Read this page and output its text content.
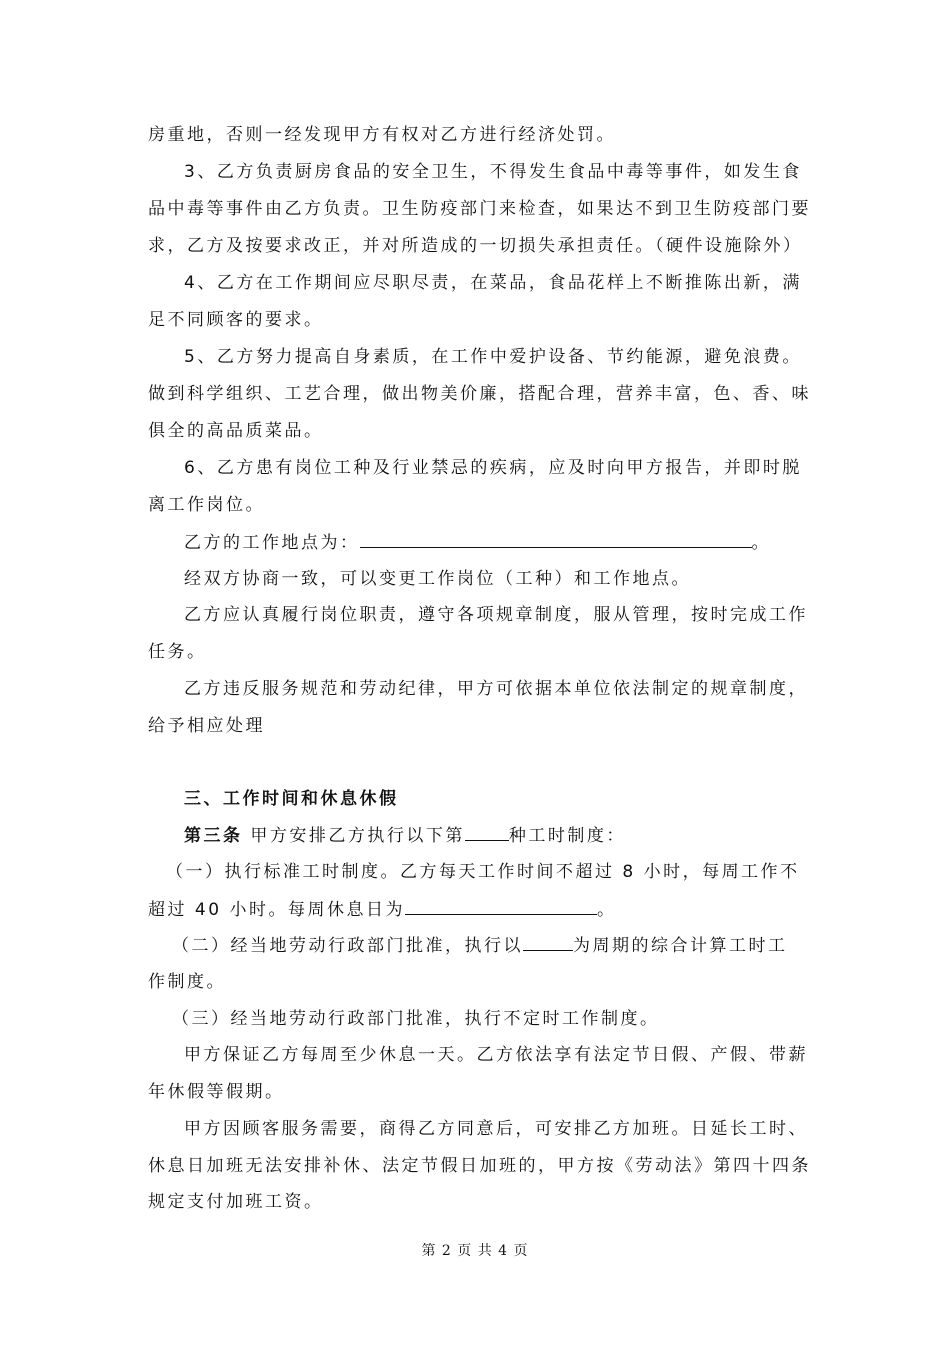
房重地，否则一经发现甲方有权对乙方进行经济处罚。
3、乙方负责厨房食品的安全卫生，不得发生食品中毒等事件，如发生食
品中毒等事件由乙方负责。卫生防疫部门来检查，如果达不到卫生防疫部门要
求，乙方及按要求改正，并对所造成的一切损失承担责任。（硬件设施除外）
4、乙方在工作期间应尽职尽责，在菜品，食品花样上不断推陈出新，满
足不同顾客的要求。
5、乙方努力提高自身素质，在工作中爱护设备、节约能源，避免浪费。
做到科学组织、工艺合理，做出物美价廉，搭配合理，营养丰富，色、香、味
俱全的高品质菜品。
6、乙方患有岗位工种及行业禁忌的疾病，应及时向甲方报告，并即时脱
离工作岗位。
乙方的工作地点为：	。
经双方协商一致，可以变更工作岗位（工种）和工作地点。
乙方应认真履行岗位职责，遵守各项规章制度，服从管理，按时完成工作
任务。
乙方违反服务规范和劳动纪律，甲方可依据本单位依法制定的规章制度，
给予相应处理
三、工作时间和休息休假
第三条 甲方安排乙方执行以下第	种工时制度：
（一）执行标准工时制度。乙方每天工作时间不超过 8 小时，每周工作不
超过 40 小时。每周休息日为	。
（二）经当地劳动行政部门批准，执行以	为周期的综合计算工时工
作制度。
（三）经当地劳动行政部门批准，执行不定时工作制度。
甲方保证乙方每周至少休息一天。乙方依法享有法定节日假、产假、带薪
年休假等假期。
甲方因顾客服务需要，商得乙方同意后，可安排乙方加班。日延长工时、
休息日加班无法安排补休、法定节假日加班的，甲方按《劳动法》第四十四条
规定支付加班工资。
第 2 页 共 4 页
